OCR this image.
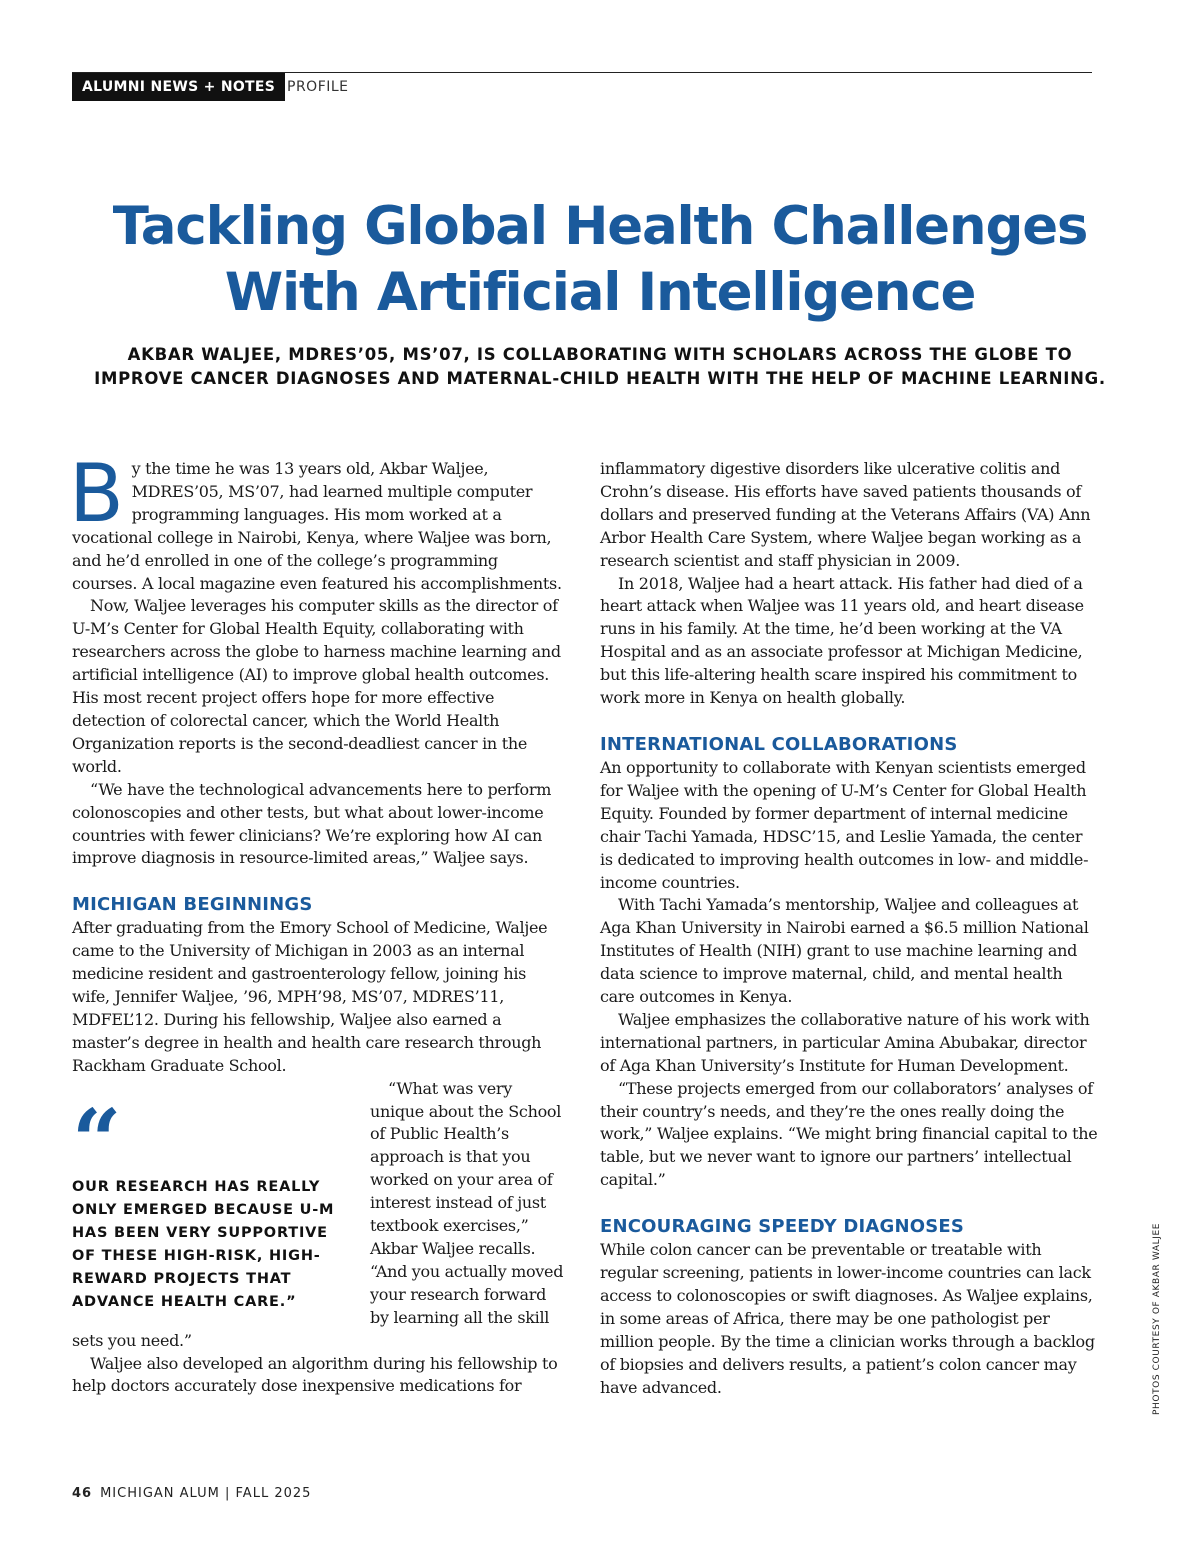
ALUMNI NEWS + NOTES PROFILE
Tackling Global Health Challenges
With Artificial Intelligence

AKBAR WALJEE, MDRES’05, MS’07, IS COLLABORATING WITH SCHOLARS ACROSS THE GLOBE TO
IMPROVE CANCER DIAGNOSES AND MATERNAL-CHILD HEALTH WITH THE HELP OF MACHINE LEARNING.

By the time he was 13 years old, Akbar Waljee, MDRES’05, MS’07, had learned multiple computer programming languages. His mom worked at a vocational college in Nairobi, Kenya, where Waljee was born, and he’d enrolled in one of the college’s programming courses. A local magazine even featured his accomplishments.

Now, Waljee leverages his computer skills as the director of U-M’s Center for Global Health Equity, collaborating with researchers across the globe to harness machine learning and artificial intelligence (AI) to improve global health outcomes. His most recent project offers hope for more effective detection of colorectal cancer, which the World Health Organization reports is the second-deadliest cancer in the world.

“We have the technological advancements here to perform colonoscopies and other tests, but what about lower-income countries with fewer clinicians? We’re exploring how AI can improve diagnosis in resource-limited areas,” Waljee says.

MICHIGAN BEGINNINGS

After graduating from the Emory School of Medicine, Waljee came to the University of Michigan in 2003 as an internal medicine resident and gastroenterology fellow, joining his wife, Jennifer Waljee, ’96, MPH’98, MS’07, MDRES’11, MDFEL’12. During his fellowship, Waljee also earned a master’s degree in health and health care research through Rackham Graduate School.

“
OUR RESEARCH HAS REALLY ONLY EMERGED BECAUSE U-M HAS BEEN VERY SUPPORTIVE OF THESE HIGH-RISK, HIGH-REWARD PROJECTS THAT ADVANCE HEALTH CARE.”

“What was very unique about the School of Public Health’s approach is that you worked on your area of interest instead of just textbook exercises,” Akbar Waljee recalls. “And you actually moved your research forward by learning all the skill sets you need.”

Waljee also developed an algorithm during his fellowship to help doctors accurately dose inexpensive medications for

inflammatory digestive disorders like ulcerative colitis and Crohn’s disease. His efforts have saved patients thousands of dollars and preserved funding at the Veterans Affairs (VA) Ann Arbor Health Care System, where Waljee began working as a research scientist and staff physician in 2009.

In 2018, Waljee had a heart attack. His father had died of a heart attack when Waljee was 11 years old, and heart disease runs in his family. At the time, he’d been working at the VA Hospital and as an associate professor at Michigan Medicine, but this life-altering health scare inspired his commitment to work more in Kenya on health globally.

INTERNATIONAL COLLABORATIONS

An opportunity to collaborate with Kenyan scientists emerged for Waljee with the opening of U-M’s Center for Global Health Equity. Founded by former department of internal medicine chair Tachi Yamada, HDSC’15, and Leslie Yamada, the center is dedicated to improving health outcomes in low- and middle-income countries.

With Tachi Yamada’s mentorship, Waljee and colleagues at Aga Khan University in Nairobi earned a $6.5 million National Institutes of Health (NIH) grant to use machine learning and data science to improve maternal, child, and mental health care outcomes in Kenya.

Waljee emphasizes the collaborative nature of his work with international partners, in particular Amina Abubakar, director of Aga Khan University’s Institute for Human Development.

“These projects emerged from our collaborators’ analyses of their country’s needs, and they’re the ones really doing the work,” Waljee explains. “We might bring financial capital to the table, but we never want to ignore our partners’ intellectual capital.”

ENCOURAGING SPEEDY DIAGNOSES

While colon cancer can be preventable or treatable with regular screening, patients in lower-income countries can lack access to colonoscopies or swift diagnoses. As Waljee explains, in some areas of Africa, there may be one pathologist per million people. By the time a clinician works through a backlog of biopsies and delivers results, a patient’s colon cancer may have advanced.

46 MICHIGAN ALUM | FALL 2025
PHOTOS COURTESY OF AKBAR WALJEE
